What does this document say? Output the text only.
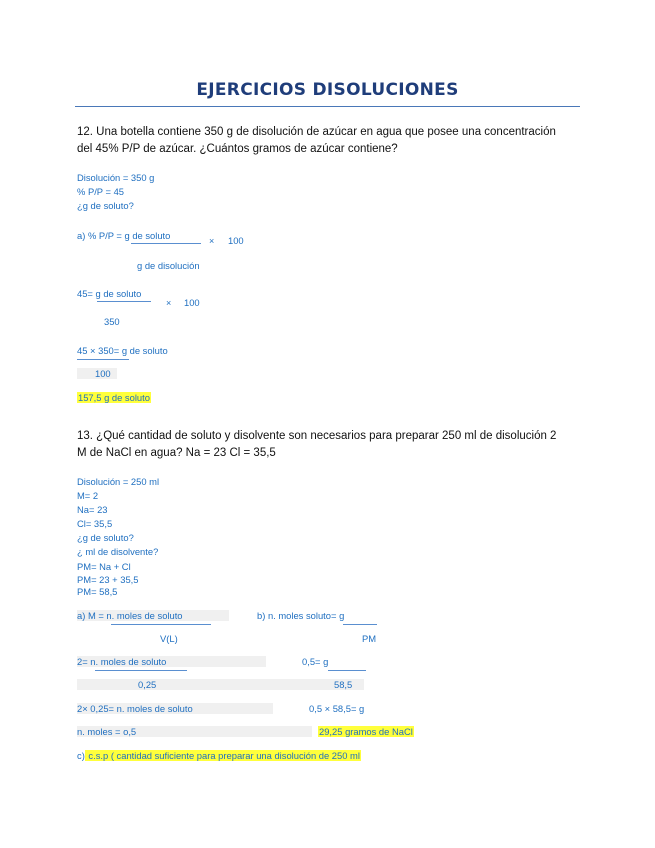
EJERCICIOS DISOLUCIONES
12. Una botella contiene 350 g de disolución de azúcar en agua que posee una concentración
del 45% P/P de azúcar. ¿Cuántos gramos de azúcar contiene?
Disolución = 350 g
% P/P = 45
¿g de soluto?
a) % P/P = g de soluto	× 100
g de disolución
45= g de soluto
× 100
350
45 × 350= g de soluto
100
157,5 g de soluto
13. ¿Qué cantidad de soluto y disolvente son necesarios para preparar 250 ml de disolución 2
M de NaCl en agua? Na = 23 Cl = 35,5
Disolución = 250 ml
M= 2
Na= 23
Cl= 35,5
¿g de soluto?
¿ ml de disolvente?
PM= Na + Cl
PM= 23 + 35,5
PM= 58,5
a) M = n. moles de soluto
V(L)
b) n. moles soluto= g
PM
2= n. moles de soluto
0,25
0,5= g
58,5
2× 0,25= n. moles de soluto	0,5 × 58,5= g
n. moles = o,5	29,25 gramos de NaCl
c) c.s.p ( cantidad suficiente para preparar una disolución de 250 ml
